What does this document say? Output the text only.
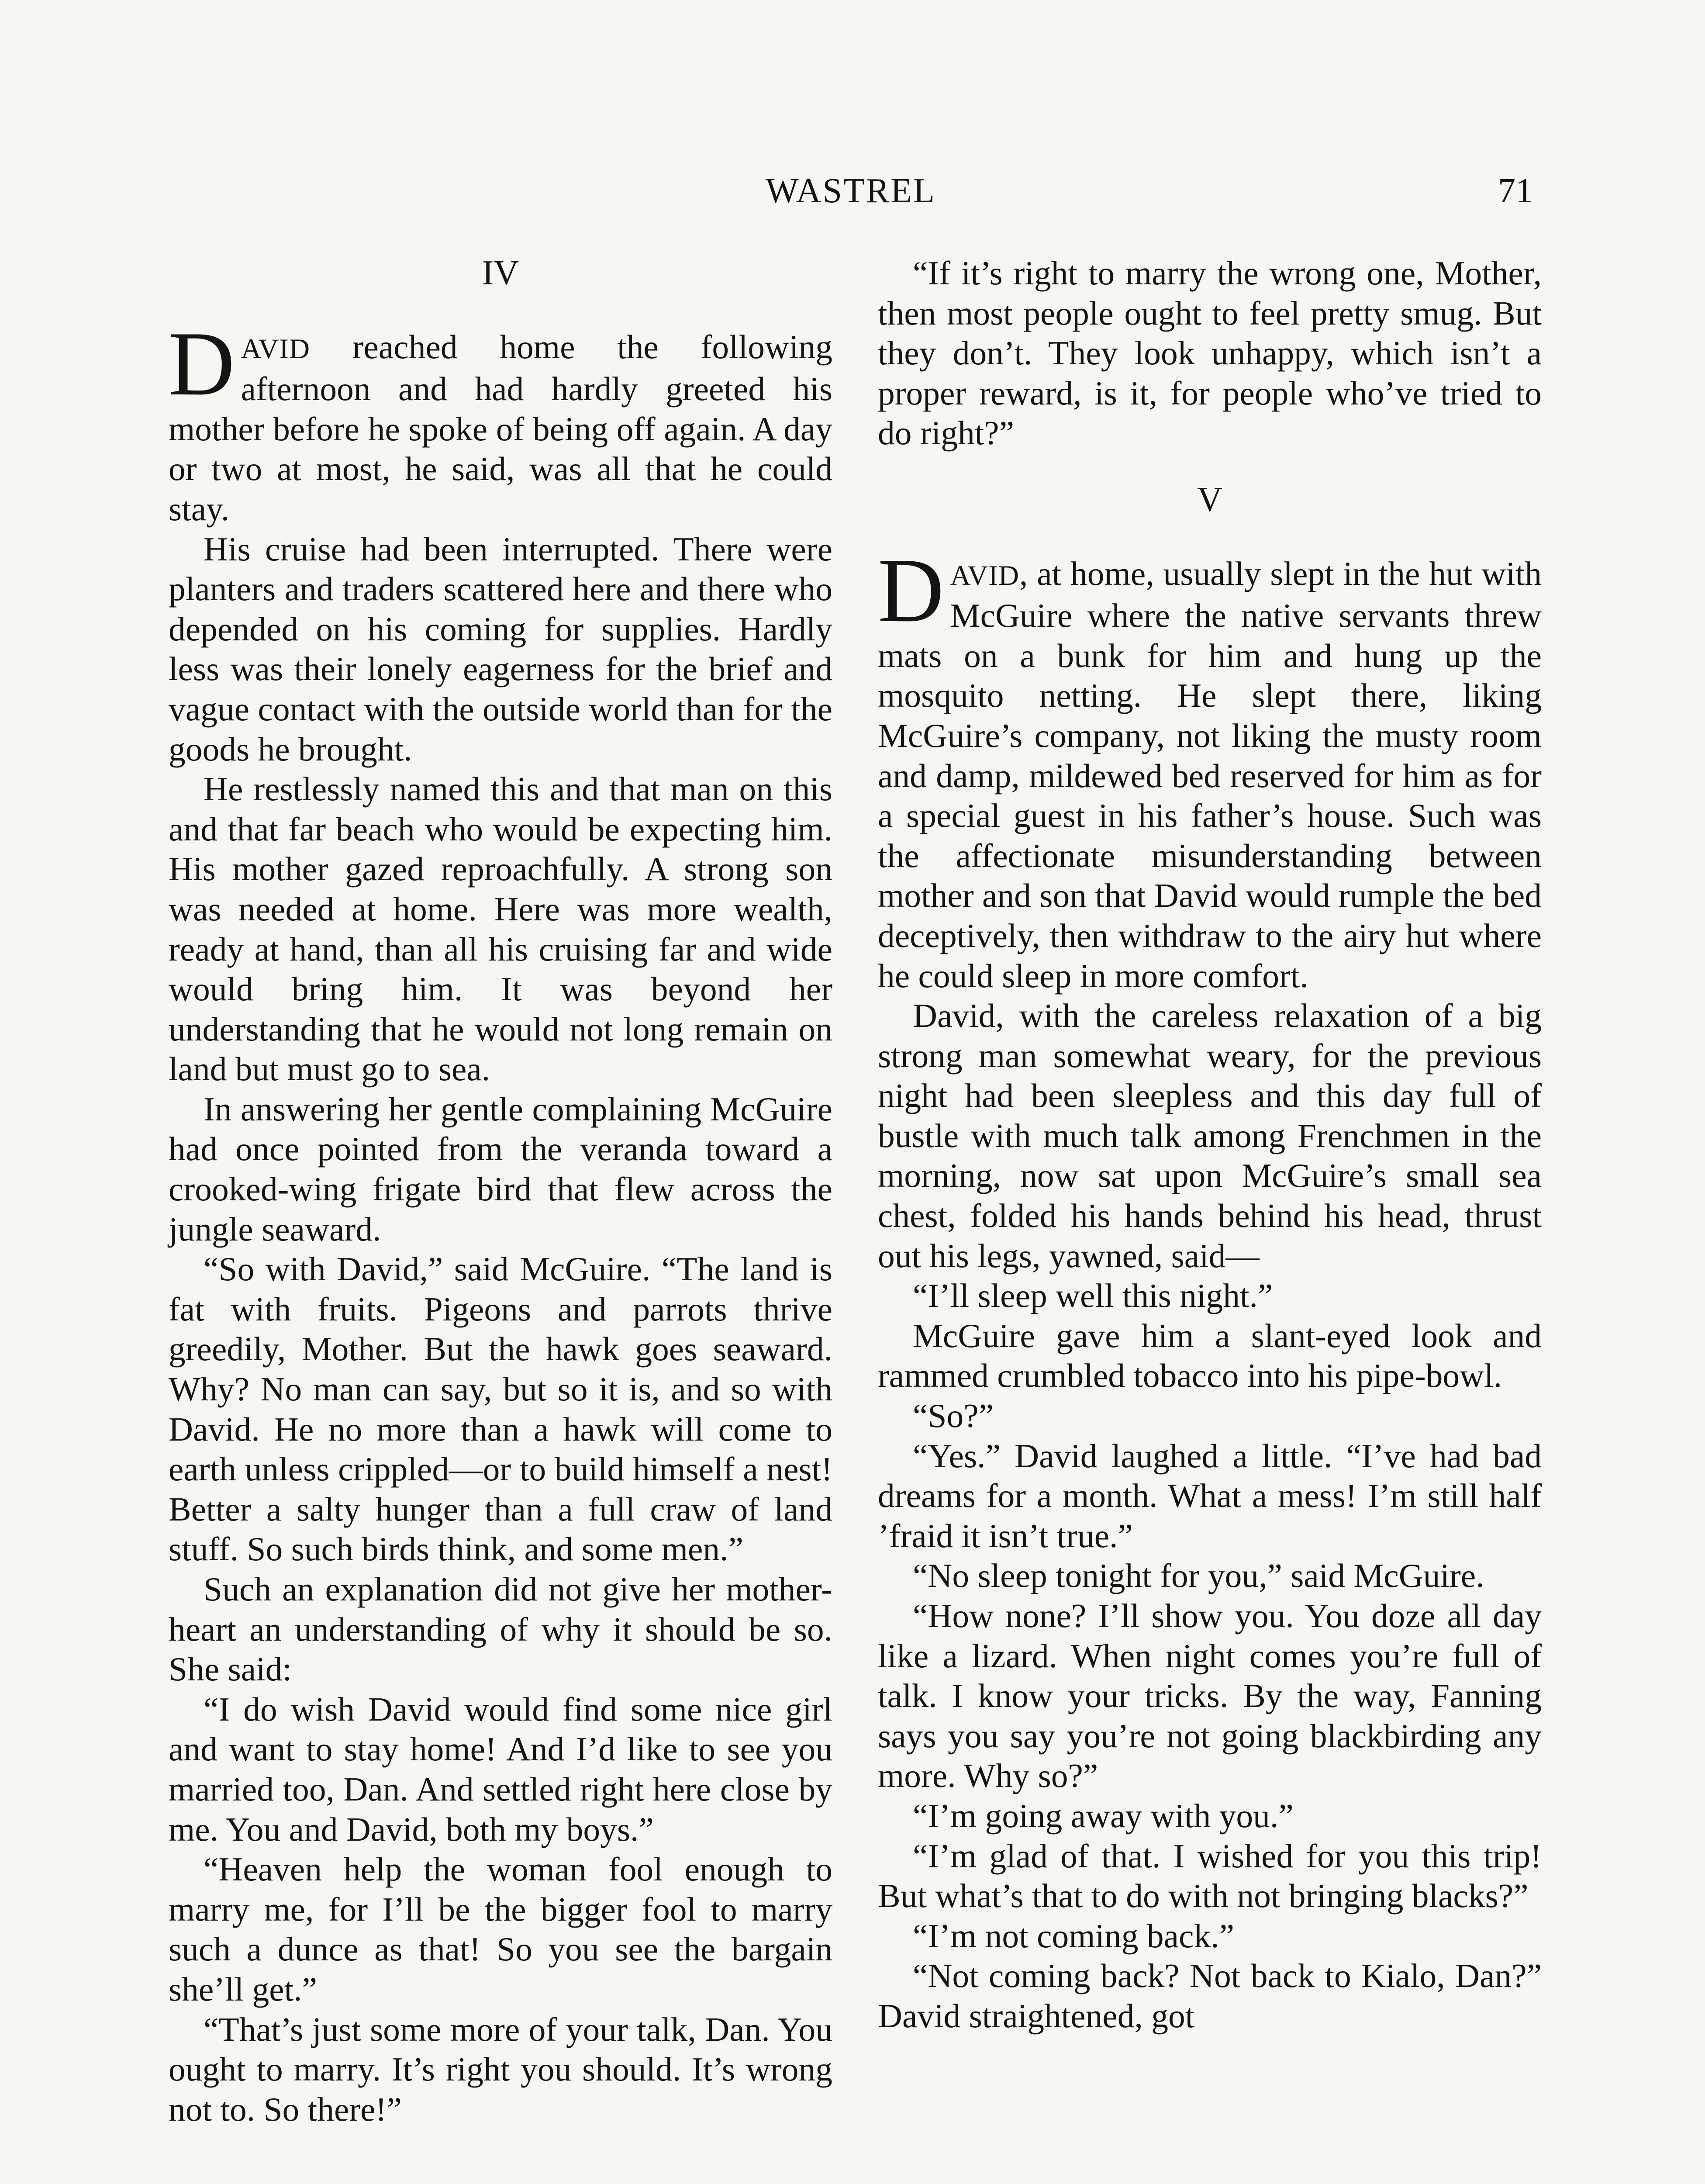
WASTREL	71
IV

DAVID reached home the following afternoon and had hardly greeted his mother before he spoke of being off again. A day or two at most, he said, was all that he could stay.

His cruise had been interrupted. There were planters and traders scattered here and there who depended on his coming for supplies. Hardly less was their lonely eagerness for the brief and vague contact with the outside world than for the goods he brought.

He restlessly named this and that man on this and that far beach who would be expecting him. His mother gazed reproachfully. A strong son was needed at home. Here was more wealth, ready at hand, than all his cruising far and wide would bring him. It was beyond her understanding that he would not long remain on land but must go to sea.

In answering her gentle complaining McGuire had once pointed from the veranda toward a crooked-wing frigate bird that flew across the jungle seaward.

“So with David,” said McGuire. “The land is fat with fruits. Pigeons and parrots thrive greedily, Mother. But the hawk goes seaward. Why? No man can say, but so it is, and so with David. He no more than a hawk will come to earth unless crippled—or to build himself a nest! Better a salty hunger than a full craw of land stuff. So such birds think, and some men.”

Such an explanation did not give her mother-heart an understanding of why it should be so. She said:

“I do wish David would find some nice girl and want to stay home! And I’d like to see you married too, Dan. And settled right here close by me. You and David, both my boys.”

“Heaven help the woman fool enough to marry me, for I’ll be the bigger fool to marry such a dunce as that! So you see the bargain she’ll get.”

“That’s just some more of your talk, Dan. You ought to marry. It’s right you should. It’s wrong not to. So there!”

“If it’s right to marry the wrong one, Mother, then most people ought to feel pretty smug. But they don’t. They look unhappy, which isn’t a proper reward, is it, for people who’ve tried to do right?”

V

DAVID, at home, usually slept in the hut with McGuire where the native servants threw mats on a bunk for him and hung up the mosquito netting. He slept there, liking McGuire’s company, not liking the musty room and damp, mildewed bed reserved for him as for a special guest in his father’s house. Such was the affectionate misunderstanding between mother and son that David would rumple the bed deceptively, then withdraw to the airy hut where he could sleep in more comfort.

David, with the careless relaxation of a big strong man somewhat weary, for the previous night had been sleepless and this day full of bustle with much talk among Frenchmen in the morning, now sat upon McGuire’s small sea chest, folded his hands behind his head, thrust out his legs, yawned, said—

“I’ll sleep well this night.”

McGuire gave him a slant-eyed look and rammed crumbled tobacco into his pipe-bowl.

“So?”

“Yes.” David laughed a little. “I’ve had bad dreams for a month. What a mess! I’m still half ’fraid it isn’t true.”

“No sleep tonight for you,” said McGuire.

“How none? I’ll show you. You doze all day like a lizard. When night comes you’re full of talk. I know your tricks. By the way, Fanning says you say you’re not going blackbirding any more. Why so?”

“I’m going away with you.”

“I’m glad of that. I wished for you this trip! But what’s that to do with not bringing blacks?”

“I’m not coming back.”

“Not coming back? Not back to Kialo, Dan?” David straightened, got
